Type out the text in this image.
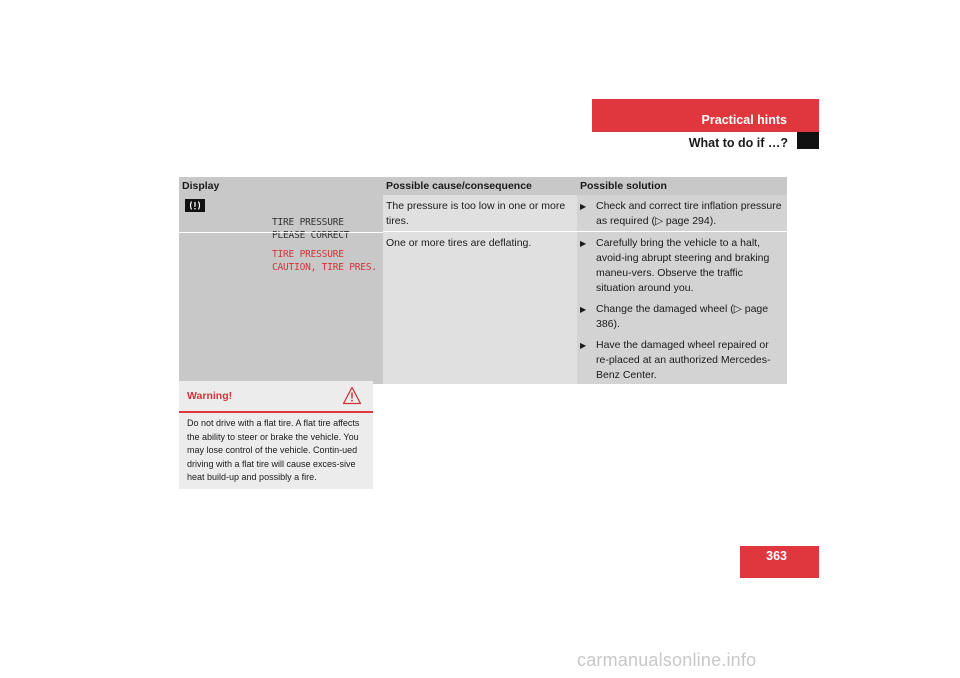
Practical hints
What to do if …?
Display	Possible cause/consequence	Possible solution
TIRE PRESSURE
PLEASE CORRECT
TIRE PRESSURE
CAUTION, TIRE PRES.
The pressure is too low in one or more tires.
One or more tires are deflating.
▶ Check and correct tire inflation pressure as required (▷ page 294).
▶ Carefully bring the vehicle to a halt, avoid-ing abrupt steering and braking maneu-vers. Observe the traffic situation around you.
▶ Change the damaged wheel (▷ page 386).
▶ Have the damaged wheel repaired or re-placed at an authorized Mercedes-Benz Center.
Warning!
Do not drive with a flat tire. A flat tire affects the ability to steer or brake the vehicle. You may lose control of the vehicle. Contin-ued driving with a flat tire will cause exces-sive heat build-up and possibly a fire.
363
carmanualsonline.info
